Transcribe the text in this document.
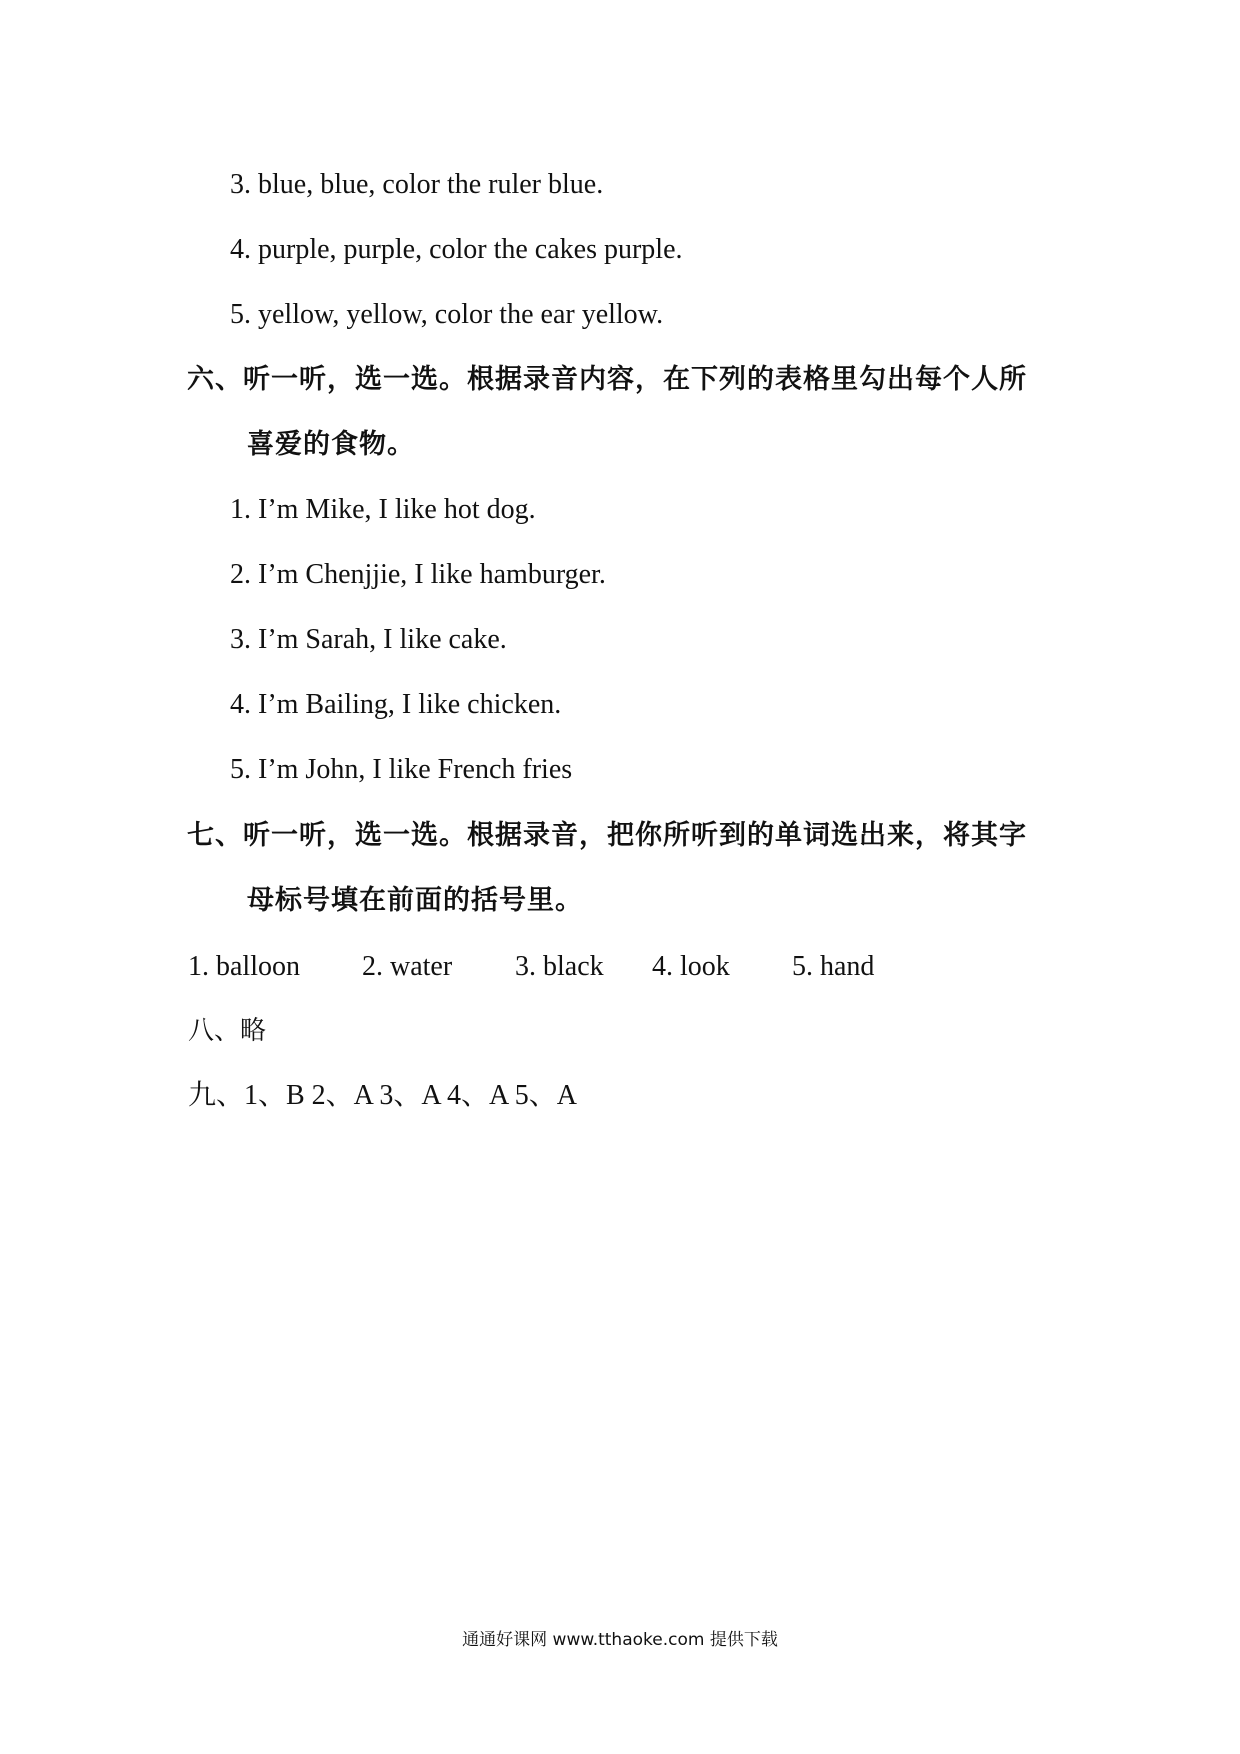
3. blue, blue, color the ruler blue.
4. purple, purple, color the cakes purple.
5. yellow, yellow, color the ear yellow.
六、听一听，选一选。根据录音内容，在下列的表格里勾出每个人所
喜爱的食物。
1. I’m Mike, I like hot dog.
2. I’m Chenjjie, I like hamburger.
3. I’m Sarah, I like cake.
4. I’m Bailing, I like chicken.
5. I’m John, I like French fries
七、听一听，选一选。根据录音，把你所听到的单词选出来，将其字
母标号填在前面的括号里。
1. balloon 2. water 3. black 4. look 5. hand
八、略
九、1、B 2、A 3、A 4、A 5、A
通通好课网 www.tthaoke.com 提供下载
